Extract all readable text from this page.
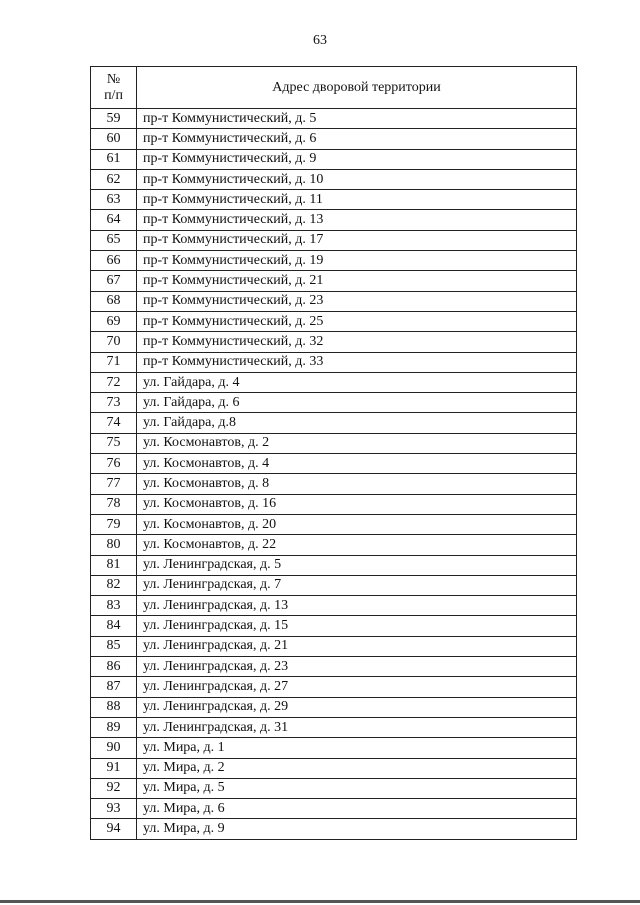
63
№
п/п	Адрес дворовой территории
59	пр-т Коммунистический, д. 5
60	пр-т Коммунистический, д. 6
61	пр-т Коммунистический, д. 9
62	пр-т Коммунистический, д. 10
63	пр-т Коммунистический, д. 11
64	пр-т Коммунистический, д. 13
65	пр-т Коммунистический, д. 17
66	пр-т Коммунистический, д. 19
67	пр-т Коммунистический, д. 21
68	пр-т Коммунистический, д. 23
69	пр-т Коммунистический, д. 25
70	пр-т Коммунистический, д. 32
71	пр-т Коммунистический, д. 33
72	ул. Гайдара, д. 4
73	ул. Гайдара, д. 6
74	ул. Гайдара, д.8
75	ул. Космонавтов, д. 2
76	ул. Космонавтов, д. 4
77	ул. Космонавтов, д. 8
78	ул. Космонавтов, д. 16
79	ул. Космонавтов, д. 20
80	ул. Космонавтов, д. 22
81	ул. Ленинградская, д. 5
82	ул. Ленинградская, д. 7
83	ул. Ленинградская, д. 13
84	ул. Ленинградская, д. 15
85	ул. Ленинградская, д. 21
86	ул. Ленинградская, д. 23
87	ул. Ленинградская, д. 27
88	ул. Ленинградская, д. 29
89	ул. Ленинградская, д. 31
90	ул. Мира, д. 1
91	ул. Мира, д. 2
92	ул. Мира, д. 5
93	ул. Мира, д. 6
94	ул. Мира, д. 9
